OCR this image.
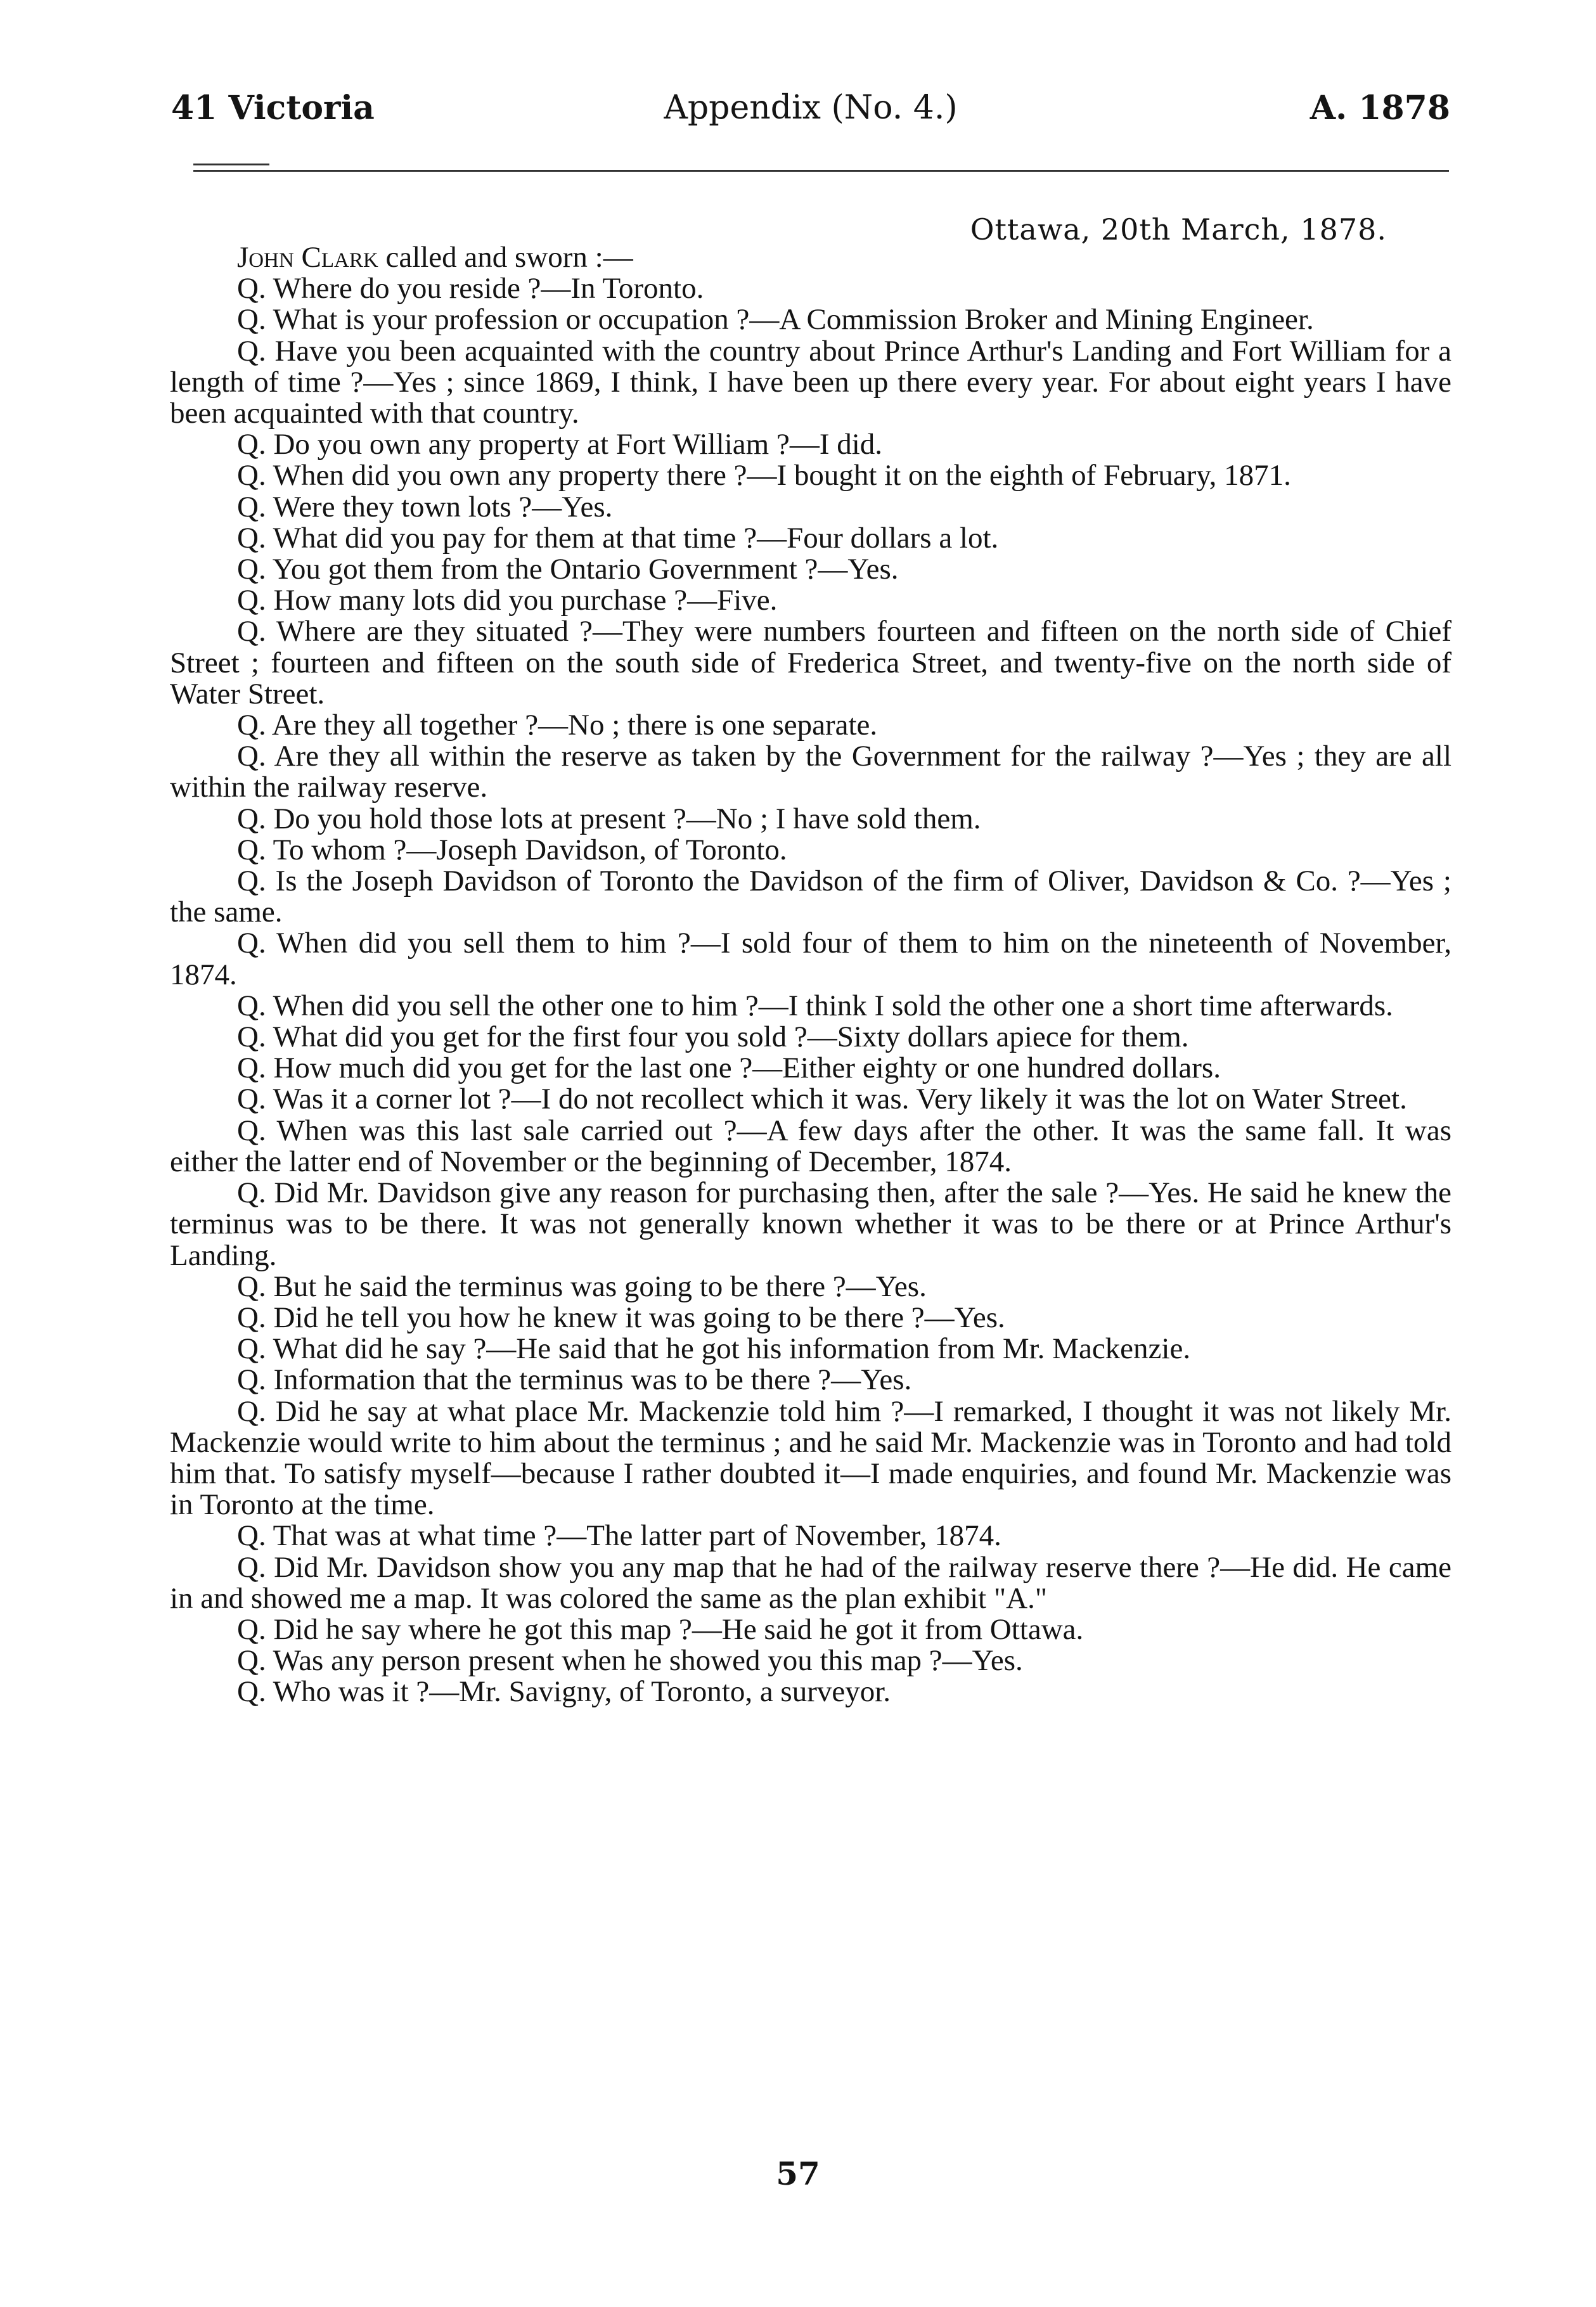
41 Victoria	Appendix (No. 4.)	A. 1878
Ottawa, 20th March, 1878.

John Clark called and sworn :—

Q. Where do you reside ?—In Toronto.

Q. What is your profession or occupation ?—A Commission Broker and Mining Engineer.

Q. Have you been acquainted with the country about Prince Arthur's Landing and Fort William for a length of time ?—Yes ; since 1869, I think, I have been up there every year. For about eight years I have been acquainted with that country.

Q. Do you own any property at Fort William ?—I did.

Q. When did you own any property there ?—I bought it on the eighth of February, 1871.

Q. Were they town lots ?—Yes.

Q. What did you pay for them at that time ?—Four dollars a lot.

Q. You got them from the Ontario Government ?—Yes.

Q. How many lots did you purchase ?—Five.

Q. Where are they situated ?—They were numbers fourteen and fifteen on the north side of Chief Street ; fourteen and fifteen on the south side of Frederica Street, and twenty-five on the north side of Water Street.

Q. Are they all together ?—No ; there is one separate.

Q. Are they all within the reserve as taken by the Government for the railway ?—Yes ; they are all within the railway reserve.

Q. Do you hold those lots at present ?—No ; I have sold them.

Q. To whom ?—Joseph Davidson, of Toronto.

Q. Is the Joseph Davidson of Toronto the Davidson of the firm of Oliver, Davidson & Co. ?—Yes ; the same.

Q. When did you sell them to him ?—I sold four of them to him on the nineteenth of November, 1874.

Q. When did you sell the other one to him ?—I think I sold the other one a short time afterwards.

Q. What did you get for the first four you sold ?—Sixty dollars apiece for them.

Q. How much did you get for the last one ?—Either eighty or one hundred dollars.

Q. Was it a corner lot ?—I do not recollect which it was. Very likely it was the lot on Water Street.

Q. When was this last sale carried out ?—A few days after the other. It was the same fall. It was either the latter end of November or the beginning of December, 1874.

Q. Did Mr. Davidson give any reason for purchasing then, after the sale ?—Yes. He said he knew the terminus was to be there. It was not generally known whether it was to be there or at Prince Arthur's Landing.

Q. But he said the terminus was going to be there ?—Yes.

Q. Did he tell you how he knew it was going to be there ?—Yes.

Q. What did he say ?—He said that he got his information from Mr. Mackenzie.

Q. Information that the terminus was to be there ?—Yes.

Q. Did he say at what place Mr. Mackenzie told him ?—I remarked, I thought it was not likely Mr. Mackenzie would write to him about the terminus ; and he said Mr. Mackenzie was in Toronto and had told him that. To satisfy myself—because I rather doubted it—I made enquiries, and found Mr. Mackenzie was in Toronto at the time.

Q. That was at what time ?—The latter part of November, 1874.

Q. Did Mr. Davidson show you any map that he had of the railway reserve there ?—He did. He came in and showed me a map. It was colored the same as the plan exhibit "A."

Q. Did he say where he got this map ?—He said he got it from Ottawa.

Q. Was any person present when he showed you this map ?—Yes.

Q. Who was it ?—Mr. Savigny, of Toronto, a surveyor.

57
